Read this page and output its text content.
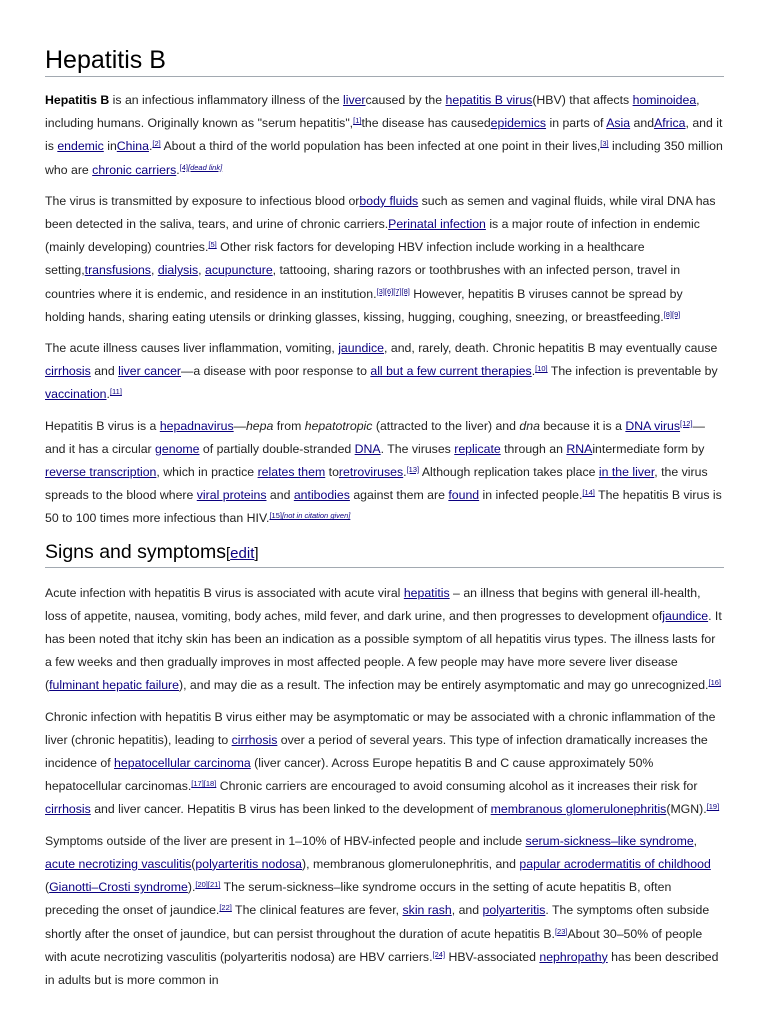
Hepatitis B

Hepatitis B is an infectious inflammatory illness of the livercaused by the hepatitis B virus(HBV) that affects hominoidea, including humans. Originally known as "serum hepatitis",[1]the disease has causedepidemics in parts of Asia andAfrica, and it is endemic inChina.[2] About a third of the world population has been infected at one point in their lives,[3] including 350 million who are chronic carriers.[4][dead link]

The virus is transmitted by exposure to infectious blood orbody fluids such as semen and vaginal fluids, while viral DNA has been detected in the saliva, tears, and urine of chronic carriers.Perinatal infection is a major route of infection in endemic (mainly developing) countries.[5] Other risk factors for developing HBV infection include working in a healthcare setting,transfusions, dialysis, acupuncture, tattooing, sharing razors or toothbrushes with an infected person, travel in countries where it is endemic, and residence in an institution.[3][6][7][8] However, hepatitis B viruses cannot be spread by holding hands, sharing eating utensils or drinking glasses, kissing, hugging, coughing, sneezing, or breastfeeding.[8][9]

The acute illness causes liver inflammation, vomiting, jaundice, and, rarely, death. Chronic hepatitis B may eventually cause cirrhosis and liver cancer—a disease with poor response to all but a few current therapies.[10] The infection is preventable by vaccination.[11]

Hepatitis B virus is a hepadnavirus—hepa from hepatotropic (attracted to the liver) and dna because it is a DNA virus[12]—and it has a circular genome of partially double-stranded DNA. The viruses replicate through an RNAintermediate form by reverse transcription, which in practice relates them toretroviruses.[13] Although replication takes place in the liver, the virus spreads to the blood where viral proteins and antibodies against them are found in infected people.[14] The hepatitis B virus is 50 to 100 times more infectious than HIV.[15][not in citation given]

Signs and symptoms[edit]

Acute infection with hepatitis B virus is associated with acute viral hepatitis – an illness that begins with general ill-health, loss of appetite, nausea, vomiting, body aches, mild fever, and dark urine, and then progresses to development ofjaundice. It has been noted that itchy skin has been an indication as a possible symptom of all hepatitis virus types. The illness lasts for a few weeks and then gradually improves in most affected people. A few people may have more severe liver disease (fulminant hepatic failure), and may die as a result. The infection may be entirely asymptomatic and may go unrecognized.[16]

Chronic infection with hepatitis B virus either may be asymptomatic or may be associated with a chronic inflammation of the liver (chronic hepatitis), leading to cirrhosis over a period of several years. This type of infection dramatically increases the incidence of hepatocellular carcinoma (liver cancer). Across Europe hepatitis B and C cause approximately 50% hepatocellular carcinomas.[17][18] Chronic carriers are encouraged to avoid consuming alcohol as it increases their risk for cirrhosis and liver cancer. Hepatitis B virus has been linked to the development of membranous glomerulonephritis(MGN).[19]

Symptoms outside of the liver are present in 1–10% of HBV-infected people and include serum-sickness–like syndrome, acute necrotizing vasculitis(polyarteritis nodosa), membranous glomerulonephritis, and papular acrodermatitis of childhood (Gianotti–Crosti syndrome).[20][21] The serum-sickness–like syndrome occurs in the setting of acute hepatitis B, often preceding the onset of jaundice.[22] The clinical features are fever, skin rash, and polyarteritis. The symptoms often subside shortly after the onset of jaundice, but can persist throughout the duration of acute hepatitis B.[23]About 30–50% of people with acute necrotizing vasculitis (polyarteritis nodosa) are HBV carriers.[24] HBV-associated nephropathy has been described in adults but is more common in
